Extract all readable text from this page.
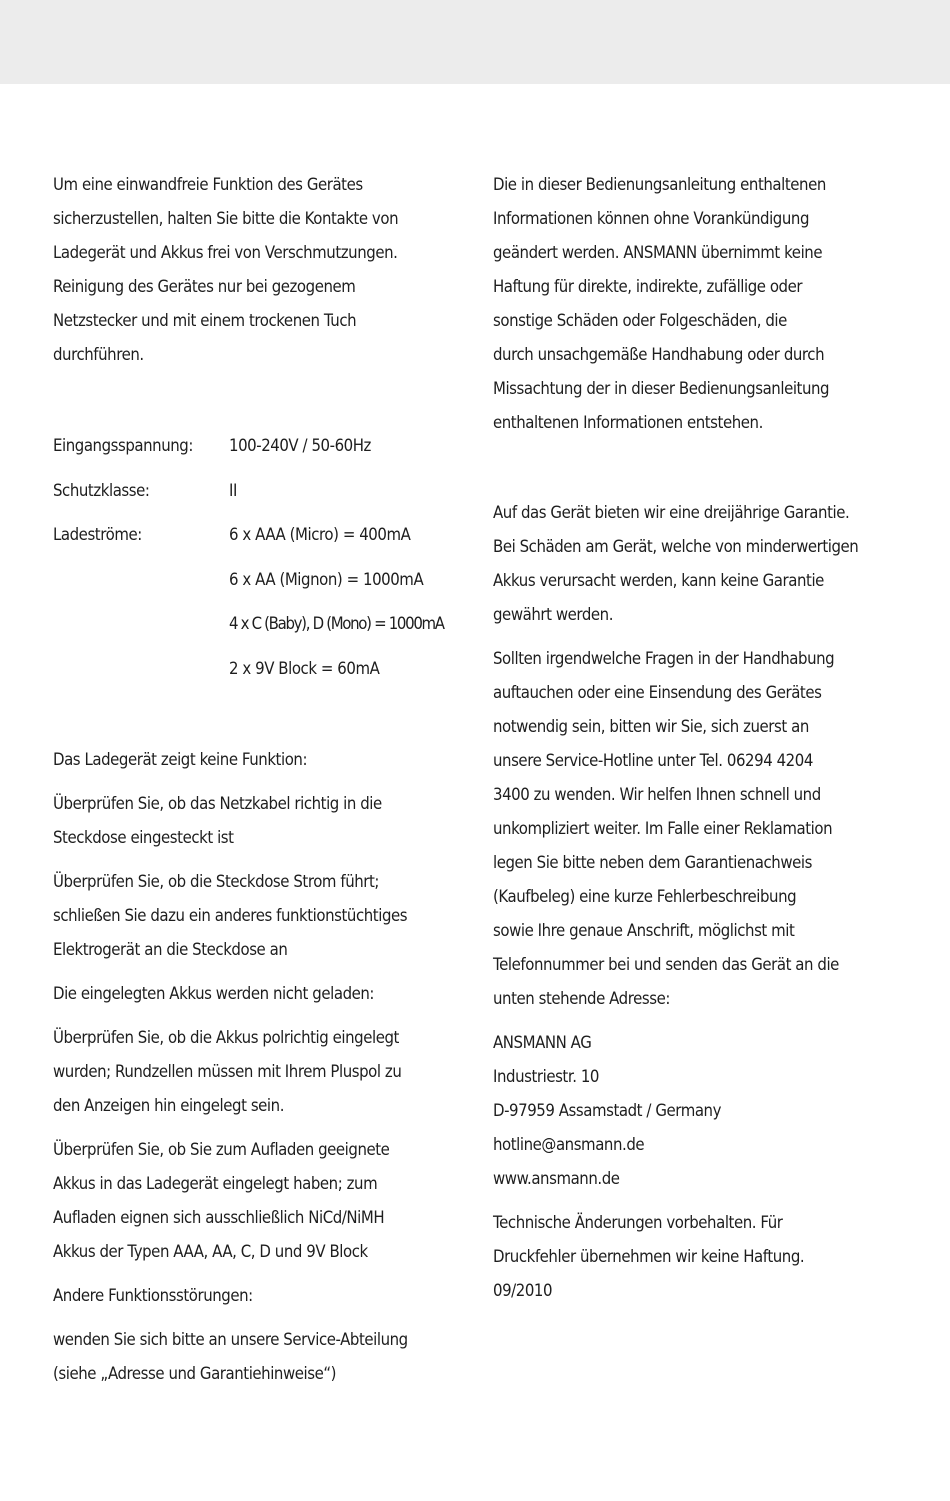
Um eine einwandfreie Funktion des Gerätes
sicherzustellen, halten Sie bitte die Kontakte von
Ladegerät und Akkus frei von Verschmutzungen.
Reinigung des Gerätes nur bei gezogenem
Netzstecker und mit einem trockenen Tuch
durchführen.

Eingangsspannung:	100-240V / 50-60Hz
Schutzklasse:	II
Ladeströme:	6 x AAA (Micro) = 400mA
	6 x AA (Mignon) = 1000mA
	4 x C (Baby), D (Mono) = 1000mA
	2 x 9V Block = 60mA

Das Ladegerät zeigt keine Funktion:

Überprüfen Sie, ob das Netzkabel richtig in die
Steckdose eingesteckt ist

Überprüfen Sie, ob die Steckdose Strom führt;
schließen Sie dazu ein anderes funktionstüchtiges
Elektrogerät an die Steckdose an

Die eingelegten Akkus werden nicht geladen:

Überprüfen Sie, ob die Akkus polrichtig eingelegt
wurden; Rundzellen müssen mit Ihrem Pluspol zu
den Anzeigen hin eingelegt sein.

Überprüfen Sie, ob Sie zum Aufladen geeignete
Akkus in das Ladegerät eingelegt haben; zum
Aufladen eignen sich ausschließlich NiCd/NiMH
Akkus der Typen AAA, AA, C, D und 9V Block

Andere Funktionsstörungen:

wenden Sie sich bitte an unsere Service-Abteilung
(siehe „Adresse und Garantiehinweise“)

Die in dieser Bedienungsanleitung enthaltenen
Informationen können ohne Vorankündigung
geändert werden. ANSMANN übernimmt keine
Haftung für direkte, indirekte, zufällige oder
sonstige Schäden oder Folgeschäden, die
durch unsachgemäße Handhabung oder durch
Missachtung der in dieser Bedienungsanleitung
enthaltenen Informationen entstehen.

Auf das Gerät bieten wir eine dreijährige Garantie.
Bei Schäden am Gerät, welche von minderwertigen
Akkus verursacht werden, kann keine Garantie
gewährt werden.

Sollten irgendwelche Fragen in der Handhabung
auftauchen oder eine Einsendung des Gerätes
notwendig sein, bitten wir Sie, sich zuerst an
unsere Service-Hotline unter Tel. 06294 4204
3400 zu wenden. Wir helfen Ihnen schnell und
unkompliziert weiter. Im Falle einer Reklamation
legen Sie bitte neben dem Garantienachweis
(Kaufbeleg) eine kurze Fehlerbeschreibung
sowie Ihre genaue Anschrift, möglichst mit
Telefonnummer bei und senden das Gerät an die
unten stehende Adresse:

ANSMANN AG
Industriestr. 10
D-97959 Assamstadt / Germany
hotline@ansmann.de
www.ansmann.de

Technische Änderungen vorbehalten. Für
Druckfehler übernehmen wir keine Haftung.
09/2010
